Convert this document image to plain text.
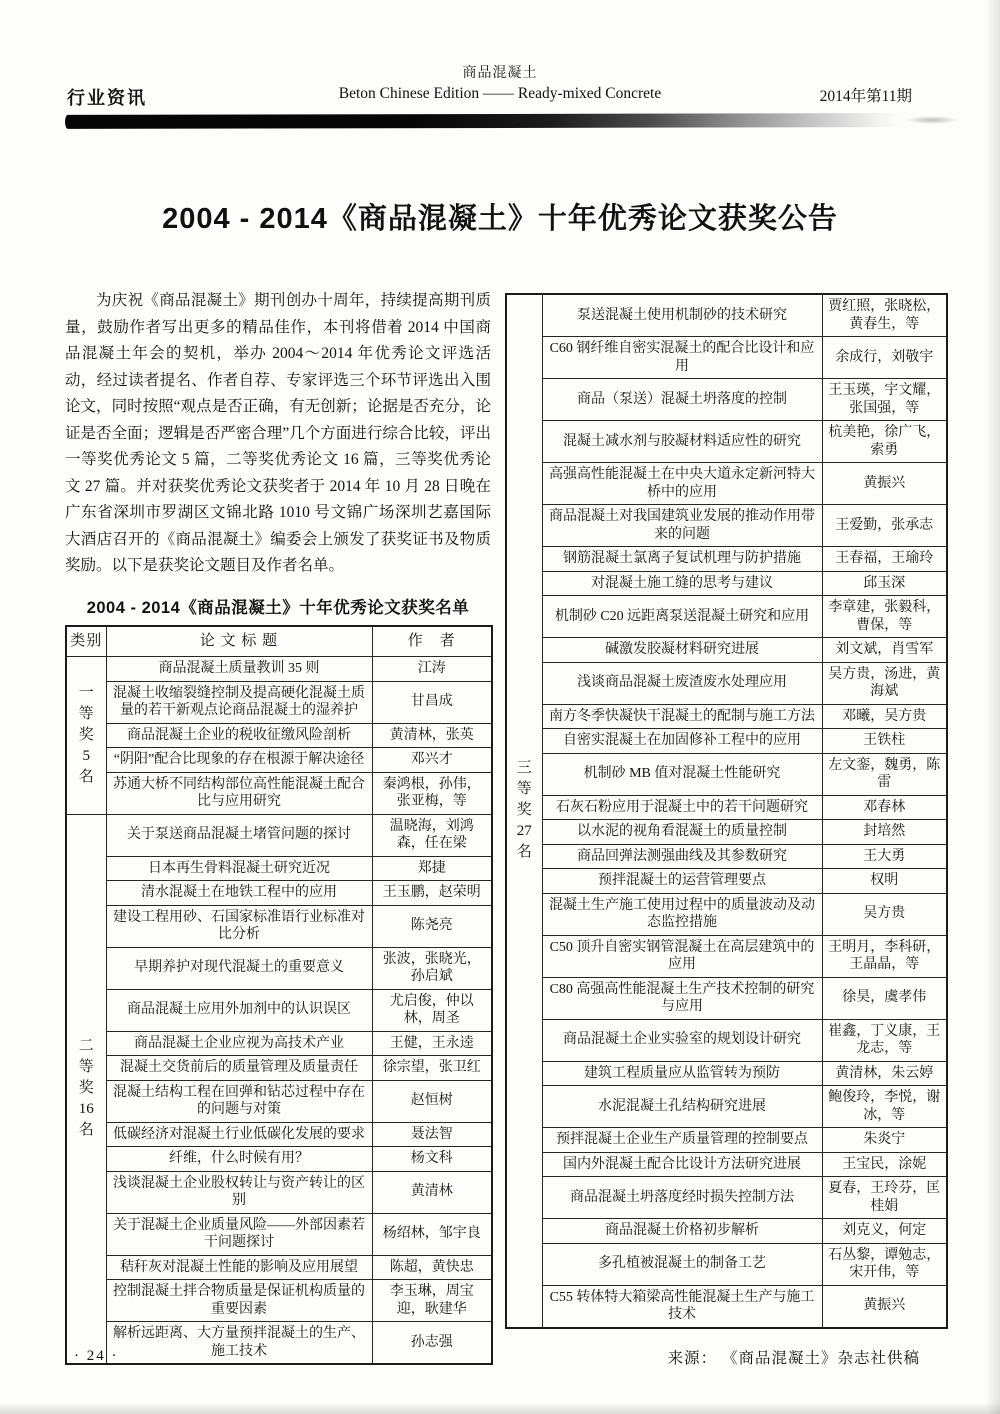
行业资讯
商品混凝土
Beton Chinese Edition —— Ready-mixed Concrete	2014年第11期
2004 - 2014《商品混凝土》十年优秀论文获奖公告

为庆祝《商品混凝土》期刊创办十周年，持续提高期刊质量，鼓励作者写出更多的精品佳作，本刊将借着 2014 中国商品混凝土年会的契机，举办 2004～2014 年优秀论文评选活动，经过读者提名、作者自荐、专家评选三个环节评选出入围论文，同时按照“观点是否正确，有无创新；论据是否充分，论证是否全面；逻辑是否严密合理”几个方面进行综合比较，评出一等奖优秀论文 5 篇，二等奖优秀论文 16 篇，三等奖优秀论文 27 篇。并对获奖优秀论文获奖者于 2014 年 10 月 28 日晚在广东省深圳市罗湖区文锦北路 1010 号文锦广场深圳艺嘉国际大酒店召开的《商品混凝土》编委会上颁发了获奖证书及物质奖励。以下是获奖论文题目及作者名单。

2004 - 2014《商品混凝土》十年优秀论文获奖名单
类别	论 文 标 题	作　者

一
等
奖
5
名	商品混凝土质量教训 35 则	江涛
	混凝土收缩裂缝控制及提高硬化混凝土质量的若干新观点论商品混凝土的湿养护	甘昌成
	商品混凝土企业的税收征缴风险剖析	黄清林，张英
	“阴阳”配合比现象的存在根源于解决途径	邓兴才
	苏通大桥不同结构部位高性能混凝土配合比与应用研究	秦鸿根，孙伟，张亚梅，等

二
等
奖
16
名	关于泵送商品混凝土堵管问题的探讨	温晓海，刘鸿森，任在梁
	日本再生骨料混凝土研究近况	郑捷
	清水混凝土在地铁工程中的应用	王玉鹏，赵荣明
	建设工程用砂、石国家标准语行业标准对比分析	陈尧亮
	早期养护对现代混凝土的重要意义	张波，张晓光，孙启斌
	商品混凝土应用外加剂中的认识误区	尤启俊，仲以林，周圣
	商品混凝土企业应视为高技术产业	王健，王永逵
	混凝土交货前后的质量管理及质量责任	徐宗望，张卫红
	混凝土结构工程在回弹和钻芯过程中存在的问题与对策	赵恒树
	低碳经济对混凝土行业低碳化发展的要求	聂法智
	纤维，什么时候有用？	杨文科
	浅谈混凝土企业股权转让与资产转让的区别	黄清林
	关于混凝土企业质量风险——外部因素若干问题探讨	杨绍林，邹宇良
	秸秆灰对混凝土性能的影响及应用展望	陈超，黄快忠
	控制混凝土拌合物质量是保证机构质量的重要因素	李玉琳，周宝迎，耿建华
	解析远距离、大方量预拌混凝土的生产、施工技术	孙志强
三
等
奖
27
名	泵送混凝土使用机制砂的技术研究	贾红照，张晓松，黄春生，等
	C60 钢纤维自密实混凝土的配合比设计和应用	余成行，刘敬宇
	商品（泵送）混凝土坍落度的控制	王玉瑛，宇文耀，张国强，等
	混凝土减水剂与胶凝材料适应性的研究	杭美艳，徐广飞，索勇
	高强高性能混凝土在中央大道永定新河特大桥中的应用	黄振兴
	商品混凝土对我国建筑业发展的推动作用带来的问题	王爱勤，张承志
	钢筋混凝土氯离子复试机理与防护措施	王春福，王瑜玲
	对混凝土施工缝的思考与建议	邱玉深
	机制砂 C20 远距离泵送混凝土研究和应用	李章建，张毅科，曹保，等
	碱激发胶凝材料研究进展	刘文斌，肖雪军
	浅谈商品混凝土废渣废水处理应用	吴方贵，汤进，黄海斌
	南方冬季快凝快干混凝土的配制与施工方法	邓曦，吴方贵
	自密实混凝土在加固修补工程中的应用	王铁柱
	机制砂 MB 值对混凝土性能研究	左文銮，魏勇，陈雷
	石灰石粉应用于混凝土中的若干问题研究	邓春林
	以水泥的视角看混凝土的质量控制	封培然
	商品回弹法测强曲线及其参数研究	王大勇
	预拌混凝土的运营管理要点	权明
	混凝土生产施工使用过程中的质量波动及动态监控措施	吴方贵
	C50 顶升自密实钢管混凝土在高层建筑中的应用	王明月，李科研，王晶晶，等
	C80 高强高性能混凝土生产技术控制的研究与应用	徐昊，虞孝伟
	商品混凝土企业实验室的规划设计研究	崔鑫，丁义康，王龙志，等
	建筑工程质量应从监管转为预防	黄清林，朱云婷
	水泥混凝土孔结构研究进展	鲍俊玲，李悦，谢冰，等
	预拌混凝土企业生产质量管理的控制要点	朱炎宁
	国内外混凝土配合比设计方法研究进展	王宝民，涂妮
	商品混凝土坍落度经时损失控制方法	夏春，王玲芬，匡桂娟
	商品混凝土价格初步解析	刘克义，何定
	多孔植被混凝土的制备工艺	石丛黎，谭勉志，宋开伟，等
	C55 转体特大箱梁高性能混凝土生产与施工技术	黄振兴
来源： 《商品混凝土》杂志社供稿
· 24 ·
